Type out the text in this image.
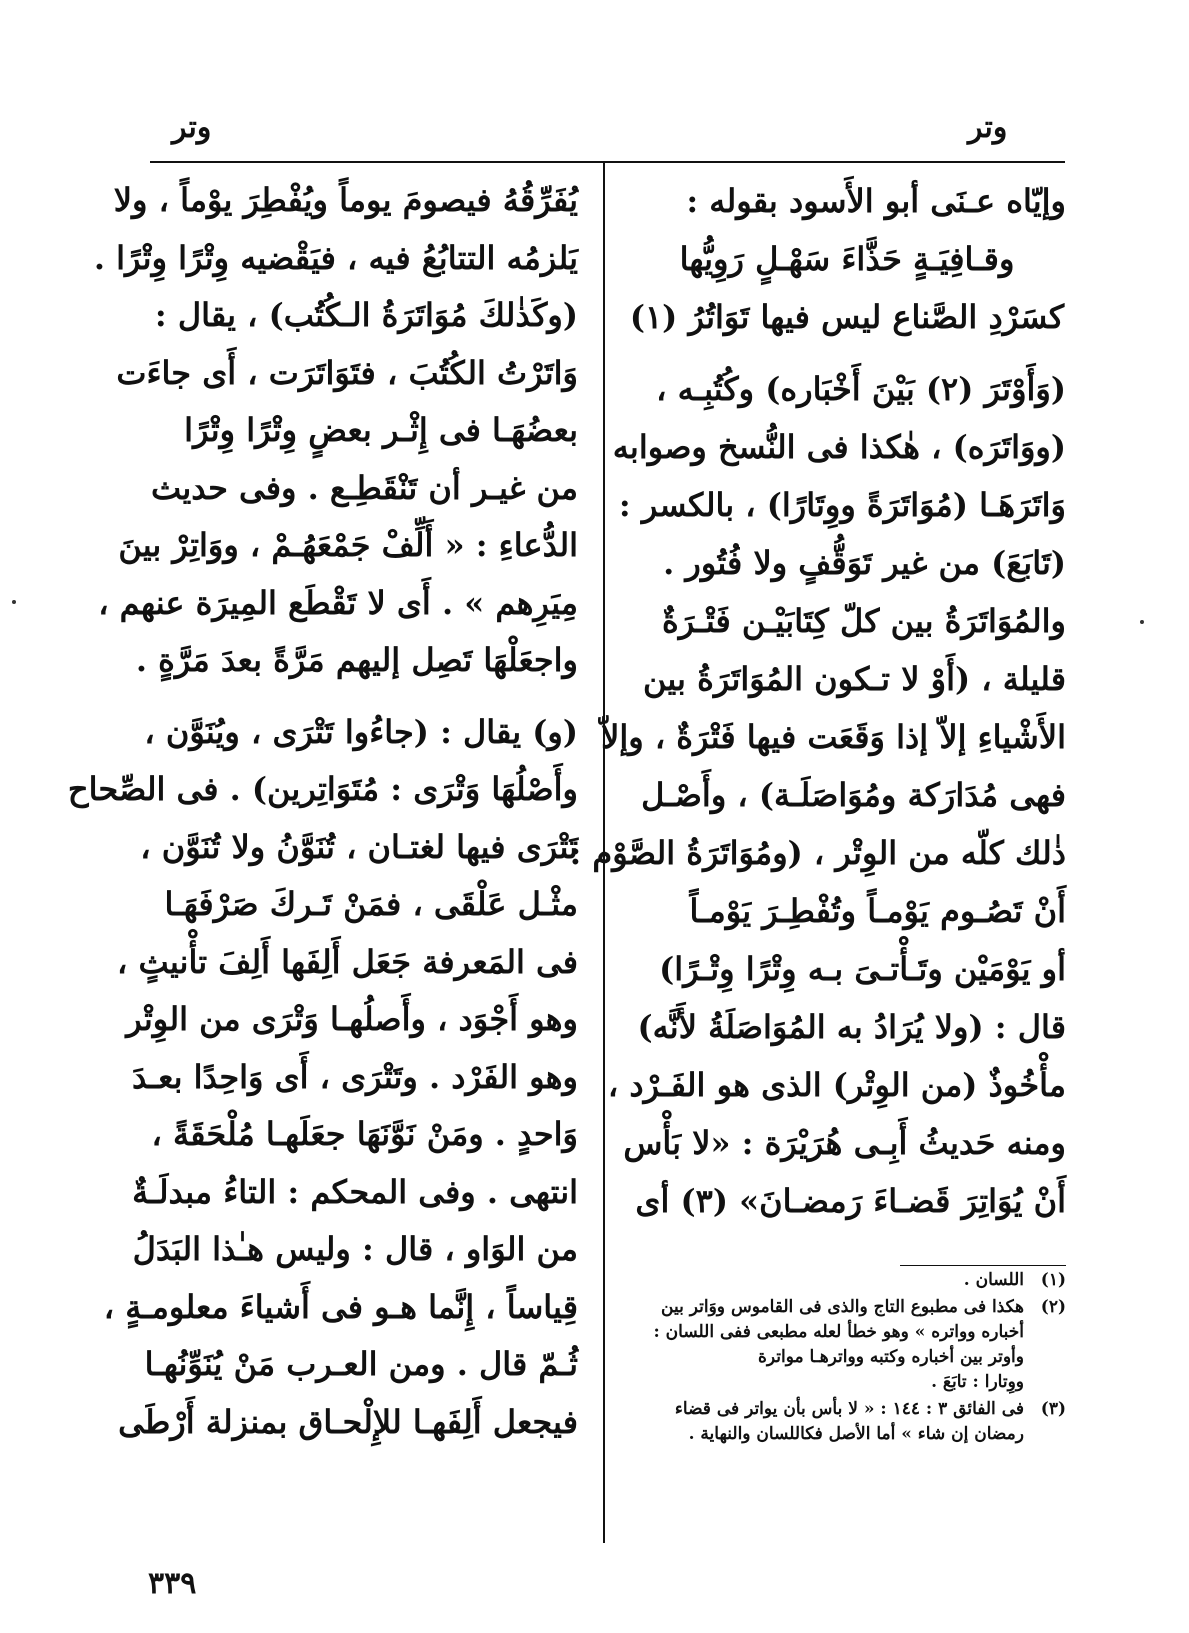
وتر	وتر
وإيّاه عـنَى أبو الأَسود بقوله :
وقـافِيَـةٍ حَذَّاءَ سَهْـلٍ رَوِيُّها
كسَرْدِ الصَّناع ليس فيها تَوَاتُرُ (١)
(وَأَوْتَرَ (٢) بَيْنَ أَخْبَاره) وكُتُبِـه ،
(ووَاتَرَه) ، هٰكذا فى النُّسخ وصوابه
وَاتَرَهَـا (مُوَاتَرَةً ووِتَارًا) ، بالكسر :
(تَابَعَ) من غير تَوَقُّفٍ ولا فُتُور .
والمُوَاتَرَةُ بين كلّ كِتَابَيْـن فَتْـرَةٌ
قليلة ، (أَوْ لا تـكون المُوَاتَرَةُ بين
الأَشْياءِ إلاّ إذا وَقَعَت فيها فَتْرَةٌ ، وإلاّ
فهى مُدَارَكة ومُوَاصَلَـة) ، وأَصْـل
ذٰلك كلّه من الوِتْر ، (ومُوَاتَرَةُ الصَّوْم :
أَنْ تَصُـوم يَوْمـاً وتُفْطِـرَ يَوْمـاً
أو يَوْمَيْن وتَـأْتـىَ بـه وِتْرًا وِتْـرًا)
قال : (ولا يُرَادُ به المُوَاصَلَةُ لأَنَّه)
مأْخُوذٌ (من الوِتْر) الذى هو الفَـرْد ،
ومنه حَديثُ أَبِـى هُرَيْرَة : «لا بَأْس
أَنْ يُوَاتِرَ قَضـاءَ رَمضـانَ» (٣) أى
(١)
اللسان .
(٢)
هكذا فى مطبوع التاج والذى فى القاموس ووَاتر بين
أخباره وواتره » وهو خطأ لعله مطبعى ففى اللسان :
وأوتر بين أخباره وكتبه وواترهـا مواترة
ووِتارا : تابَعَ .
(٣)
فى الفائق ٣ : ١٤٤ : « لا بأس بأن يواتر فى قضاء
رمضان إن شاء » أما الأصل فكاللسان والنهاية .
يُفَرِّقُهُ فيصومَ يوماً ويُفْطِرَ يوْماً ، ولا
يَلزمُه التتابُعُ فيه ، فيَقْضيه وِتْرًا وِتْرًا .
(وكَذٰلكَ مُوَاتَرَةُ الـكُتُب) ، يقال :
وَاتَرْتُ الكُتُبَ ، فتَوَاتَرَت ، أَى جاءَت
بعضُهَـا فى إِثْـر بعضٍ وِتْرًا وِتْرًا
من غيـر أن تَنْقَطِـع . وفى حديث
الدُّعاءِ : « أَلِّفْ جَمْعَهُـمْ ، ووَاتِرْ بينَ
مِيَرِهم » . أَى لا تَقْطَع المِيرَة عنهم ،
واجعَلْهَا تَصِل إليهم مَرَّةً بعدَ مَرَّةٍ .
(و) يقال : (جاءُوا تَتْرَى ، ويُنَوَّن ،
وأَصْلُهَا وَتْرَى : مُتَوَاتِرين) . فى الصِّحاح
تَتْرَى فيها لغتـان ، تُنَوَّنُ ولا تُنَوَّن ،
مثْـل عَلْقَى ، فمَنْ تَـركَ صَرْفَهَـا
فى المَعرفة جَعَل أَلِفَها أَلِفَ تأْنيثٍ ،
وهو أَجْوَد ، وأَصلُهـا وَتْرَى من الوِتْر
وهو الفَرْد . وتَتْرَى ، أَى وَاحِدًا بعـدَ
وَاحدٍ . ومَنْ نَوَّنَهَا جعَلَهـا مُلْحَقَةً ،
انتهى . وفى المحكم : التاءُ مبدلَـةٌ
من الوَاو ، قال : وليس هـٰذا البَدَلُ
قِياساً ، إِنَّما هـو فى أَشياءَ معلومـةٍ ،
ثُـمّ قال . ومن العـرب مَنْ يُنَوِّنُهـا
فيجعل أَلِفَهـا للإِلْحـاق بمنزلة أَرْطَى
٣٣٩
